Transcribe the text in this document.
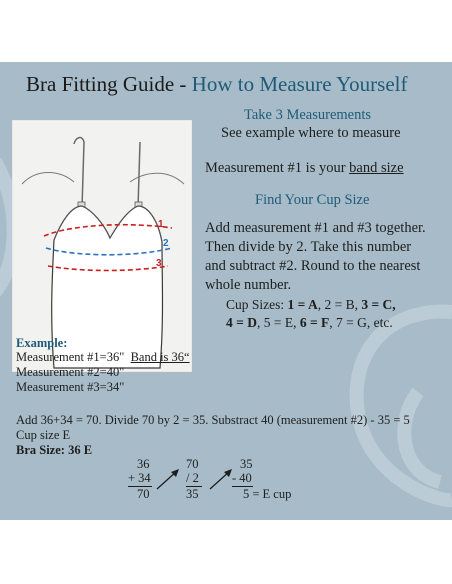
Bra Fitting Guide - How to Measure Yourself
1
2
3
Take 3 Measurements
See example where to measure
Measurement #1 is your band size
Find Your Cup Size
Add measurement #1 and #3 together.
Then divide by 2. Take this number
and subtract #2. Round to the nearest
whole number.
Cup Sizes: 1 = A, 2 = B, 3 = C,
4 = D, 5 = E, 6 = F, 7 = G, etc.
Example:
Measurement #1=36" Band is 36“
Measurement #2=40"
Measurement #3=34"
Add 36+34 = 70. Divide 70 by 2 = 35. Substract 40 (measurement #2) - 35 = 5
Cup size E
Bra Size: 36 E
36
+ 34
70
70
/ 2
35
35
- 40
5 = E cup
